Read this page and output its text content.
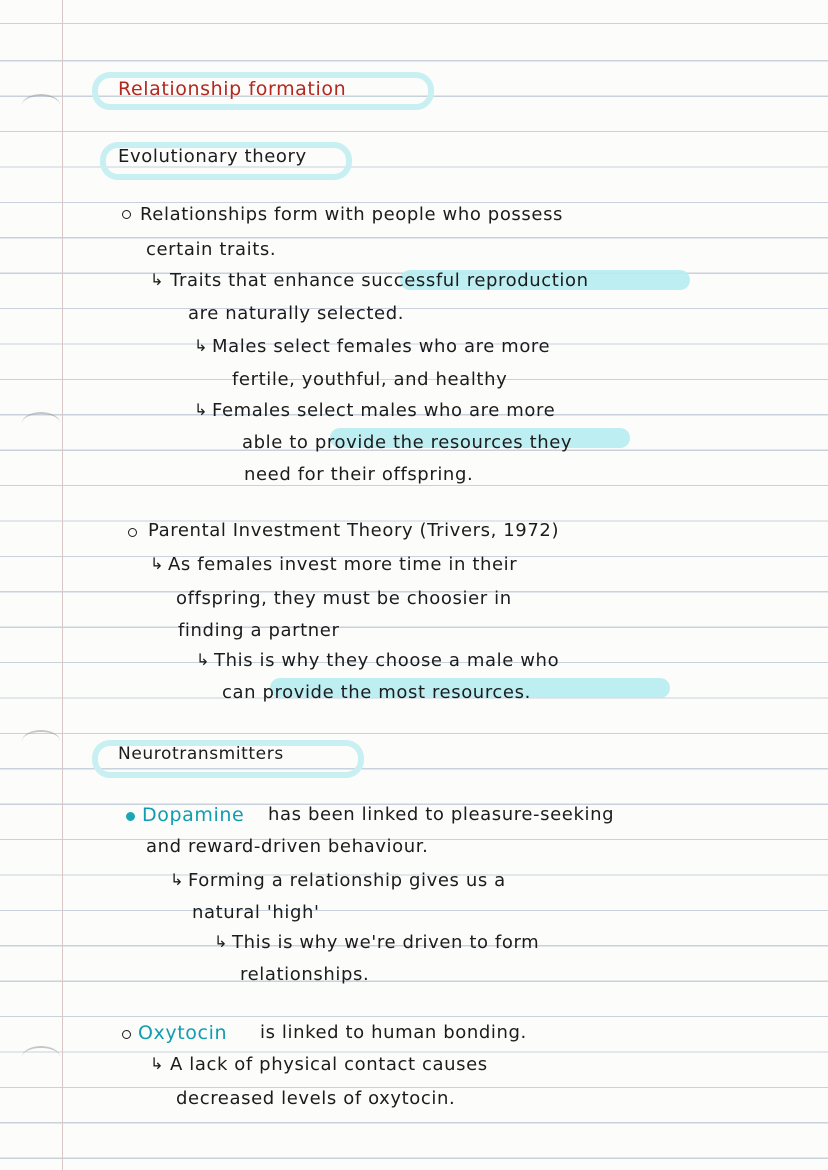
Relationship formation
Evolutionary theory
Relationships form with people who possess
certain traits.
↳ Traits that enhance successful reproduction
are naturally selected.
↳ Males select females who are more
fertile, youthful, and healthy
↳ Females select males who are more
able to provide the resources they
need for their offspring.
Parental Investment Theory (Trivers, 1972)
↳ As females invest more time in their
offspring, they must be choosier in
finding a partner
↳ This is why they choose a male who
can provide the most resources.
Neurotransmitters
Dopamine has been linked to pleasure-seeking
and reward-driven behaviour.
↳ Forming a relationship gives us a
natural 'high'
↳ This is why we're driven to form
relationships.
Oxytocin is linked to human bonding.
↳ A lack of physical contact causes
decreased levels of oxytocin.
